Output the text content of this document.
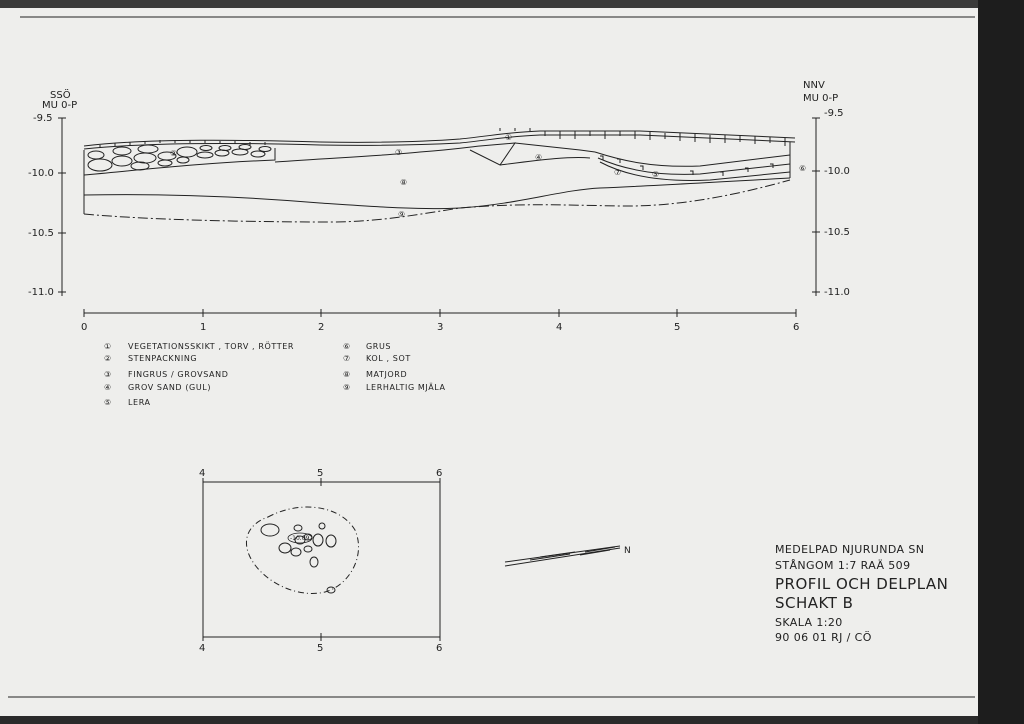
SSÖ
MU 0-P
-9.5
-10.0
-10.5
-11.0
NNV
MU 0-P
-9.5
-10.0
-10.5
-11.0
0	1	2	3	4	5	6
①
②	③
④
⑤
⑥
⑦
⑧
⑨
① VEGETATIONSSKIKT , TORV , RÖTTER
② STENPACKNING
③ FINGRUS / GROVSAND
④ GROV SAND (GUL)
⑤ LERA
⑥ GRUS
⑦ KOL , SOT
⑧ MATJORD
⑨ LERHALTIG MJÄLA
4	5	6
4	5	6
-10.09
N	MEDELPAD NJURUNDA SN
STÅNGOM 1:7 RAÄ 509
PROFIL OCH DELPLAN
SCHAKT B
SKALA 1:20
90 06 01 RJ / CÖ
